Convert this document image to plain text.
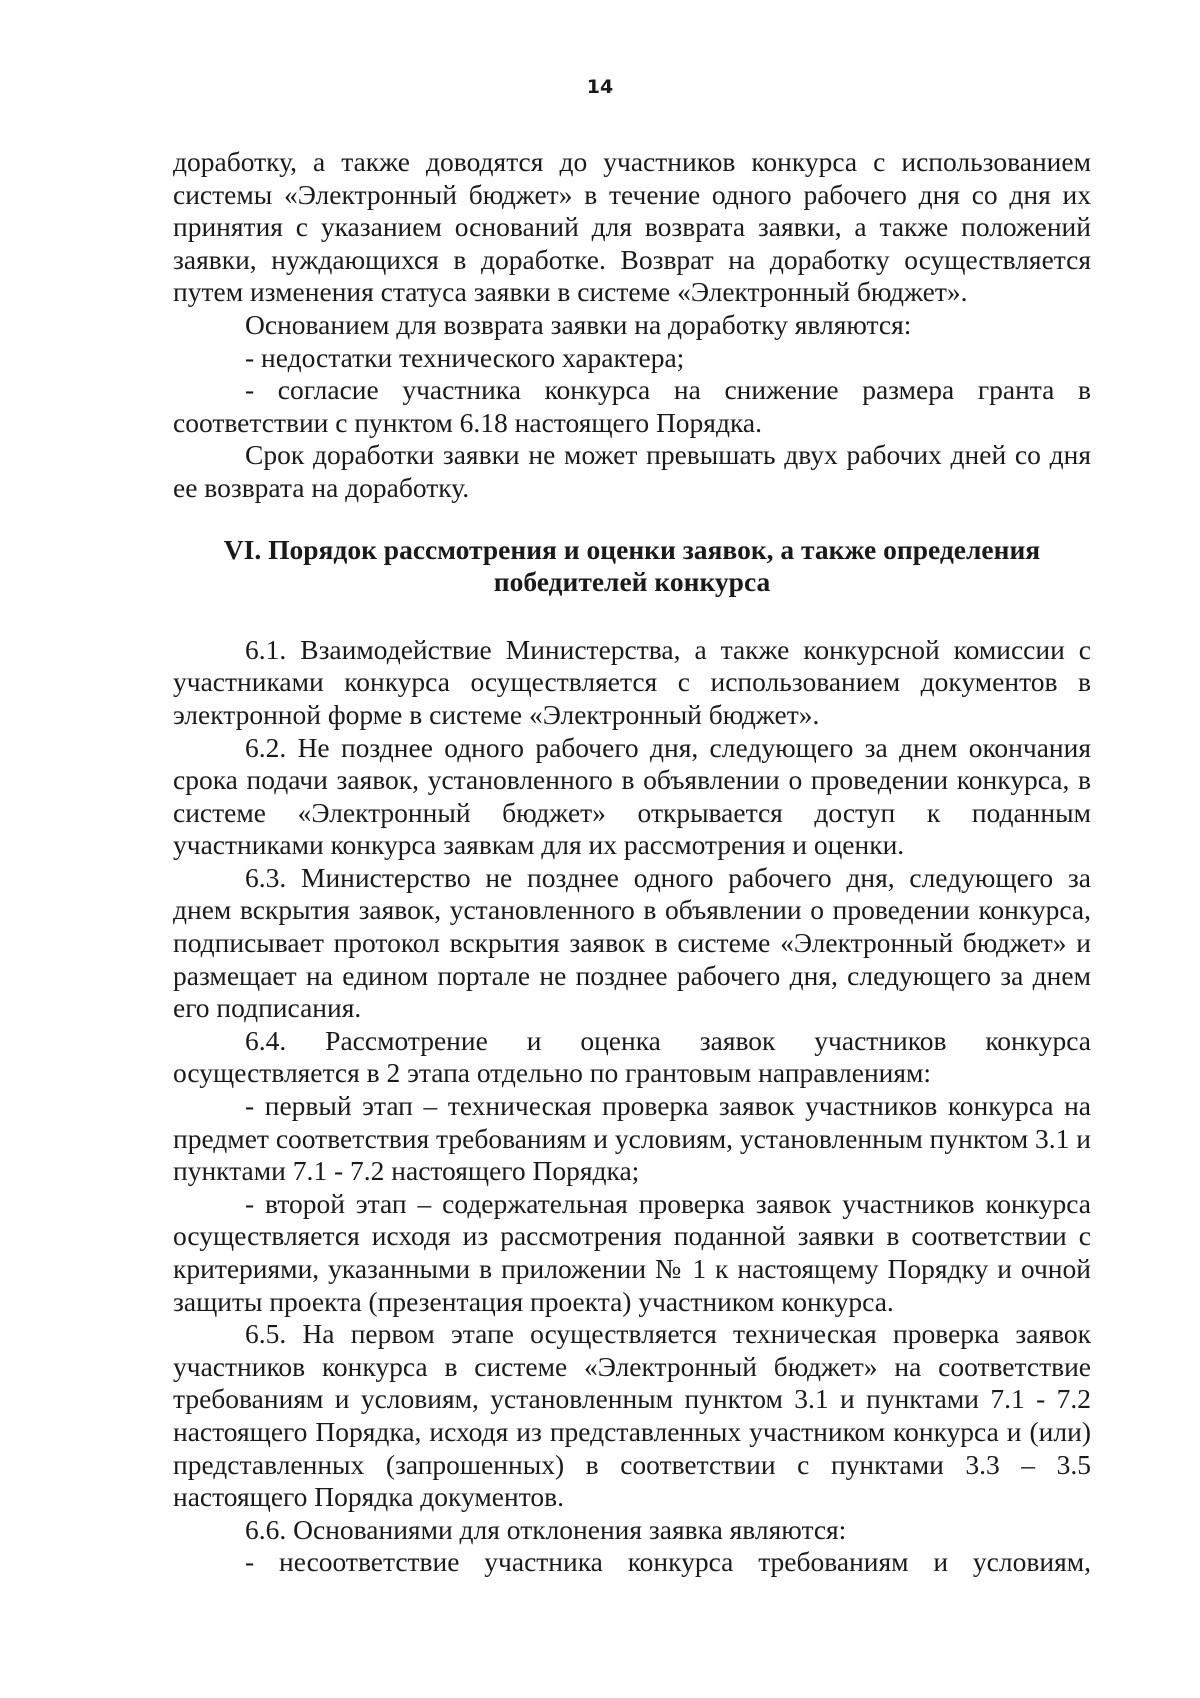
14

доработку, а также доводятся до участников конкурса с использованием системы «Электронный бюджет» в течение одного рабочего дня со дня их принятия с указанием оснований для возврата заявки, а также положений заявки, нуждающихся в доработке. Возврат на доработку осуществляется путем изменения статуса заявки в системе «Электронный бюджет».

Основанием для возврата заявки на доработку являются:

- недостатки технического характера;

- согласие участника конкурса на снижение размера гранта в соответствии с пунктом 6.18 настоящего Порядка.

Срок доработки заявки не может превышать двух рабочих дней со дня ее возврата на доработку.

VI. Порядок рассмотрения и оценки заявок, а также определения победителей конкурса

6.1. Взаимодействие Министерства, а также конкурсной комиссии с участниками конкурса осуществляется с использованием документов в электронной форме в системе «Электронный бюджет».

6.2. Не позднее одного рабочего дня, следующего за днем окончания срока подачи заявок, установленного в объявлении о проведении конкурса, в системе «Электронный бюджет» открывается доступ к поданным участниками конкурса заявкам для их рассмотрения и оценки.

6.3. Министерство не позднее одного рабочего дня, следующего за днем вскрытия заявок, установленного в объявлении о проведении конкурса, подписывает протокол вскрытия заявок в системе «Электронный бюджет» и размещает на едином портале не позднее рабочего дня, следующего за днем его подписания.

6.4. Рассмотрение и оценка заявок участников конкурса осуществляется в 2 этапа отдельно по грантовым направлениям:

- первый этап – техническая проверка заявок участников конкурса на предмет соответствия требованиям и условиям, установленным пунктом 3.1 и пунктами 7.1 - 7.2 настоящего Порядка;

- второй этап – содержательная проверка заявок участников конкурса осуществляется исходя из рассмотрения поданной заявки в соответствии с критериями, указанными в приложении № 1 к настоящему Порядку и очной защиты проекта (презентация проекта) участником конкурса.

6.5. На первом этапе осуществляется техническая проверка заявок участников конкурса в системе «Электронный бюджет» на соответствие требованиям и условиям, установленным пунктом 3.1 и пунктами 7.1 - 7.2 настоящего Порядка, исходя из представленных участником конкурса и (или) представленных (запрошенных) в соответствии с пунктами 3.3 – 3.5 настоящего Порядка документов.

6.6. Основаниями для отклонения заявка являются:

- несоответствие участника конкурса требованиям и условиям,
